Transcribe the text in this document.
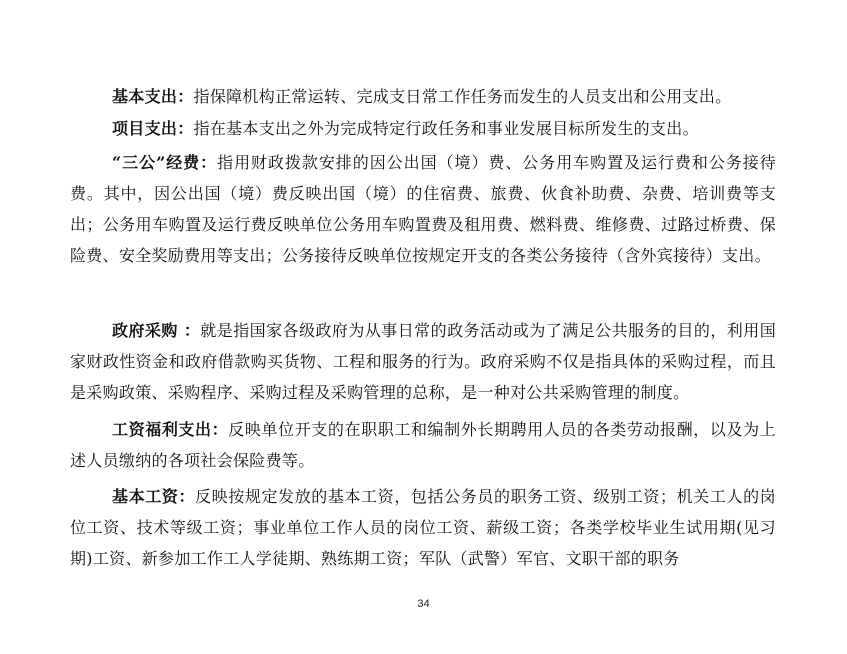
基本支出：指保障机构正常运转、完成支日常工作任务而发生的人员支出和公用支出。

项目支出：指在基本支出之外为完成特定行政任务和事业发展目标所发生的支出。

“三公”经费：指用财政拨款安排的因公出国（境）费、公务用车购置及运行费和公务接待费。其中，因公出国（境）费反映出国（境）的住宿费、旅费、伙食补助费、杂费、培训费等支出；公务用车购置及运行费反映单位公务用车购置费及租用费、燃料费、维修费、过路过桥费、保险费、安全奖励费用等支出；公务接待反映单位按规定开支的各类公务接待（含外宾接待）支出。

政府采购 ：就是指国家各级政府为从事日常的政务活动或为了满足公共服务的目的，利用国家财政性资金和政府借款购买货物、工程和服务的行为。政府采购不仅是指具体的采购过程，而且是采购政策、采购程序、采购过程及采购管理的总称，是一种对公共采购管理的制度。

工资福利支出：反映单位开支的在职职工和编制外长期聘用人员的各类劳动报酬，以及为上述人员缴纳的各项社会保险费等。

基本工资：反映按规定发放的基本工资，包括公务员的职务工资、级别工资；机关工人的岗位工资、技术等级工资；事业单位工作人员的岗位工资、薪级工资；各类学校毕业生试用期(见习期)工资、新参加工作工人学徒期、熟练期工资；军队（武警）军官、文职干部的职务

34
